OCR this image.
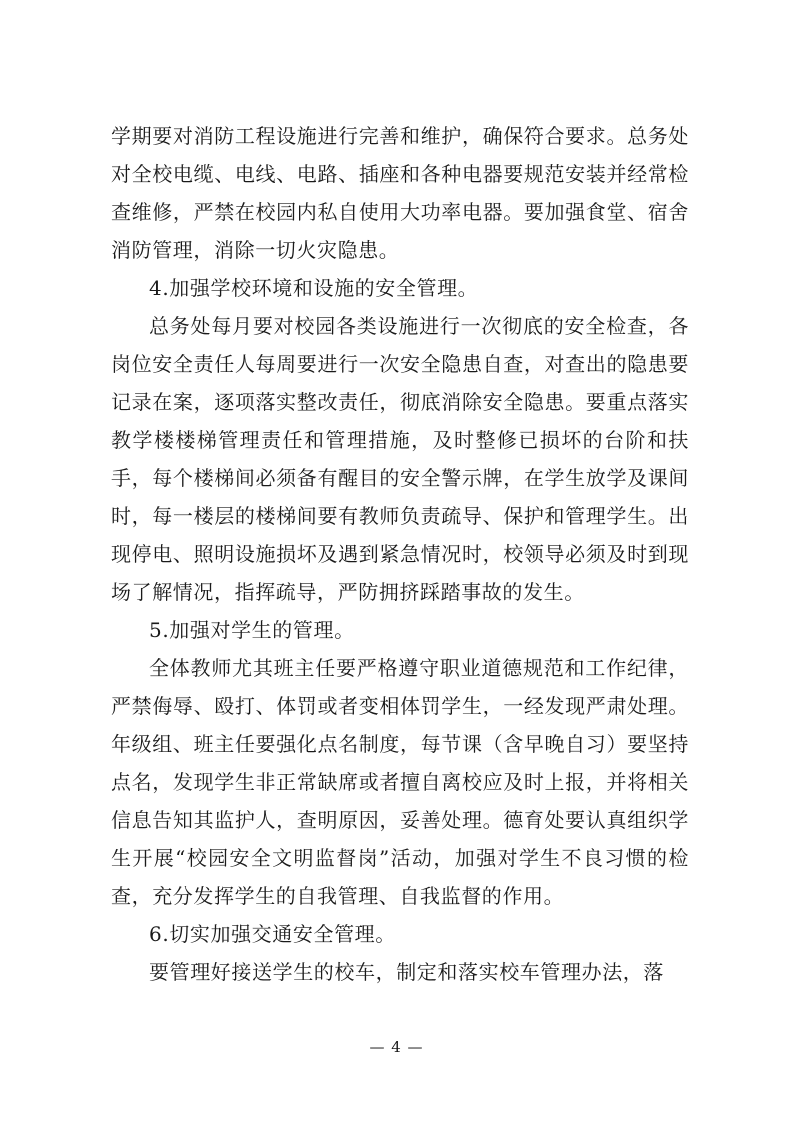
学期要对消防工程设施进行完善和维护，确保符合要求。总务处对全校电缆、电线、电路、插座和各种电器要规范安装并经常检查维修，严禁在校园内私自使用大功率电器。要加强食堂、宿舍消防管理，消除一切火灾隐患。

4.加强学校环境和设施的安全管理。

总务处每月要对校园各类设施进行一次彻底的安全检查，各岗位安全责任人每周要进行一次安全隐患自查，对查出的隐患要记录在案，逐项落实整改责任，彻底消除安全隐患。要重点落实教学楼楼梯管理责任和管理措施，及时整修已损坏的台阶和扶手，每个楼梯间必须备有醒目的安全警示牌，在学生放学及课间时，每一楼层的楼梯间要有教师负责疏导、保护和管理学生。出现停电、照明设施损坏及遇到紧急情况时，校领导必须及时到现场了解情况，指挥疏导，严防拥挤踩踏事故的发生。

5.加强对学生的管理。

全体教师尤其班主任要严格遵守职业道德规范和工作纪律，严禁侮辱、殴打、体罚或者变相体罚学生，一经发现严肃处理。年级组、班主任要强化点名制度，每节课（含早晚自习）要坚持点名，发现学生非正常缺席或者擅自离校应及时上报，并将相关信息告知其监护人，查明原因，妥善处理。德育处要认真组织学生开展“校园安全文明监督岗”活动，加强对学生不良习惯的检查，充分发挥学生的自我管理、自我监督的作用。

6.切实加强交通安全管理。

要管理好接送学生的校车，制定和落实校车管理办法，落

— 4 —
